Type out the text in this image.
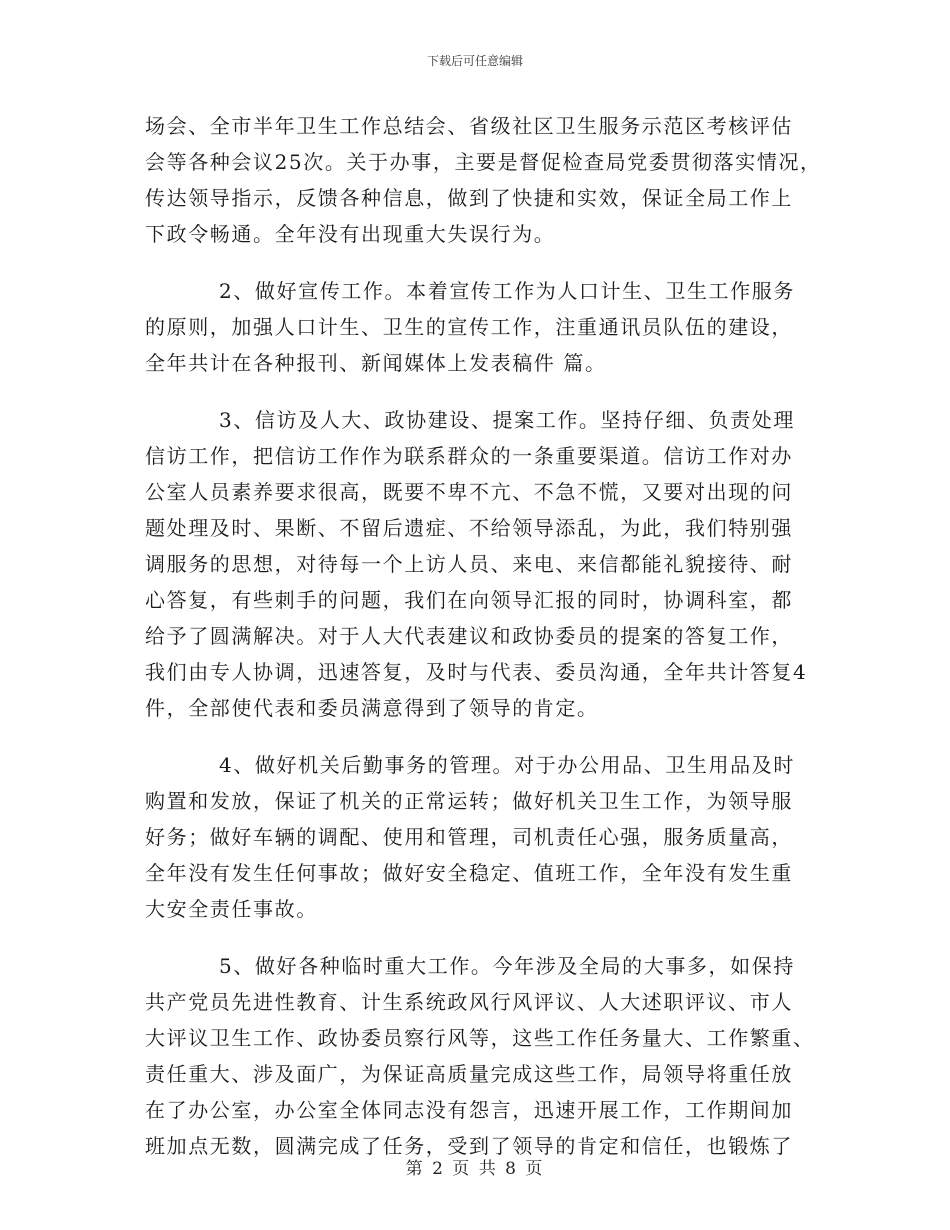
下载后可任意编辑
场会、全市半年卫生工作总结会、省级社区卫生服务示范区考核评估
会等各种会议25次。关于办事，主要是督促检查局党委贯彻落实情况，
传达领导指示，反馈各种信息，做到了快捷和实效，保证全局工作上
下政令畅通。全年没有出现重大失误行为。
2、做好宣传工作。本着宣传工作为人口计生、卫生工作服务
的原则，加强人口计生、卫生的宣传工作，注重通讯员队伍的建设，
全年共计在各种报刊、新闻媒体上发表稿件 篇。
3、信访及人大、政协建设、提案工作。坚持仔细、负责处理
信访工作，把信访工作作为联系群众的一条重要渠道。信访工作对办
公室人员素养要求很高，既要不卑不亢、不急不慌，又要对出现的问
题处理及时、果断、不留后遗症、不给领导添乱，为此，我们特别强
调服务的思想，对待每一个上访人员、来电、来信都能礼貌接待、耐
心答复，有些刺手的问题，我们在向领导汇报的同时，协调科室，都
给予了圆满解决。对于人大代表建议和政协委员的提案的答复工作，
我们由专人协调，迅速答复，及时与代表、委员沟通，全年共计答复4
件，全部使代表和委员满意得到了领导的肯定。
4、做好机关后勤事务的管理。对于办公用品、卫生用品及时
购置和发放，保证了机关的正常运转；做好机关卫生工作，为领导服
好务；做好车辆的调配、使用和管理，司机责任心强，服务质量高，
全年没有发生任何事故；做好安全稳定、值班工作，全年没有发生重
大安全责任事故。
5、做好各种临时重大工作。今年涉及全局的大事多，如保持
共产党员先进性教育、计生系统政风行风评议、人大述职评议、市人
大评议卫生工作、政协委员察行风等，这些工作任务量大、工作繁重、
责任重大、涉及面广，为保证高质量完成这些工作，局领导将重任放
在了办公室，办公室全体同志没有怨言，迅速开展工作，工作期间加
班加点无数，圆满完成了任务，受到了领导的肯定和信任，也锻炼了
第 2 页 共 8 页
